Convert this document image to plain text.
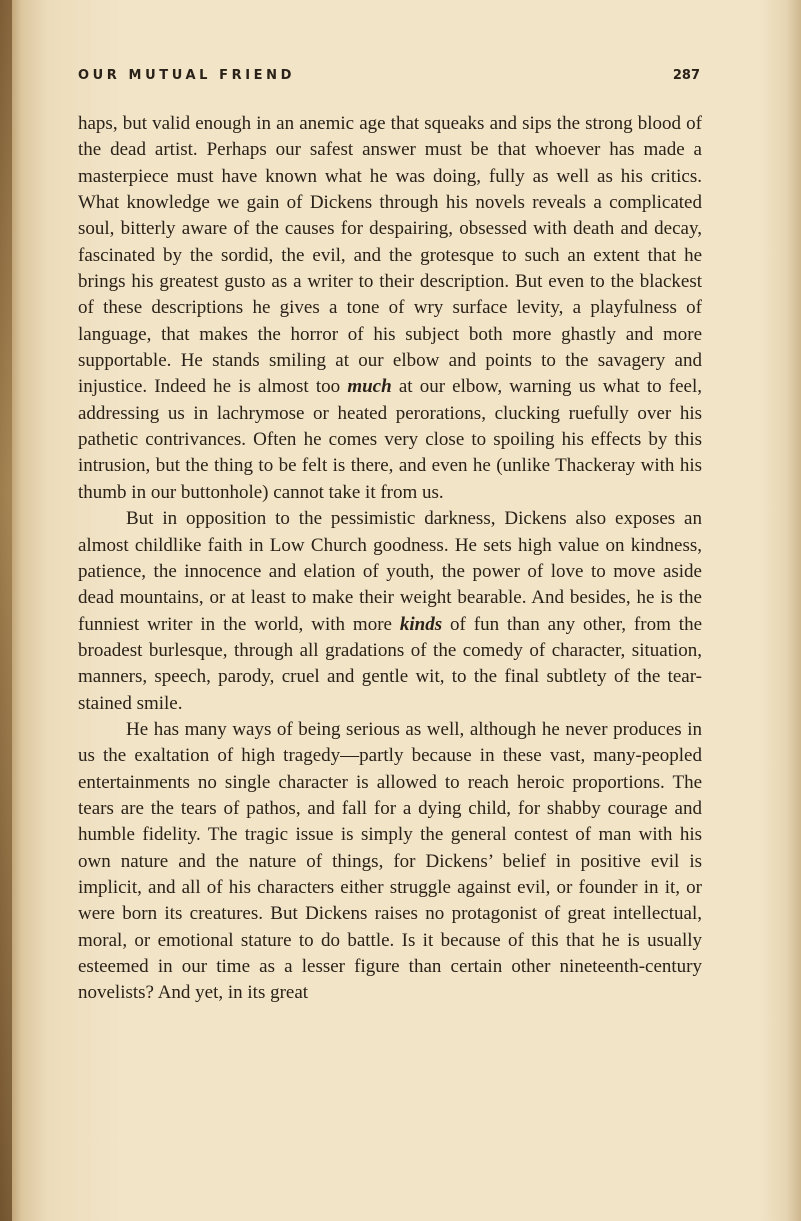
OUR MUTUAL FRIEND	287

haps, but valid enough in an anemic age that squeaks and sips the strong blood of the dead artist. Perhaps our safest answer must be that whoever has made a masterpiece must have known what he was doing, fully as well as his critics. What knowledge we gain of Dickens through his novels reveals a complicated soul, bitterly aware of the causes for despairing, obsessed with death and decay, fascinated by the sordid, the evil, and the grotesque to such an extent that he brings his greatest gusto as a writer to their description. But even to the blackest of these descriptions he gives a tone of wry surface levity, a playfulness of language, that makes the horror of his subject both more ghastly and more supportable. He stands smiling at our elbow and points to the savagery and injustice. Indeed he is almost too much at our elbow, warning us what to feel, addressing us in lachrymose or heated perorations, clucking ruefully over his pathetic contrivances. Often he comes very close to spoiling his effects by this intrusion, but the thing to be felt is there, and even he (unlike Thackeray with his thumb in our buttonhole) cannot take it from us.

But in opposition to the pessimistic darkness, Dickens also exposes an almost childlike faith in Low Church goodness. He sets high value on kindness, patience, the innocence and elation of youth, the power of love to move aside dead mountains, or at least to make their weight bearable. And besides, he is the funniest writer in the world, with more kinds of fun than any other, from the broadest burlesque, through all gradations of the comedy of character, situation, manners, speech, parody, cruel and gentle wit, to the final subtlety of the tear-stained smile.

He has many ways of being serious as well, although he never produces in us the exaltation of high tragedy—partly because in these vast, many-peopled entertainments no single character is allowed to reach heroic proportions. The tears are the tears of pathos, and fall for a dying child, for shabby courage and humble fidelity. The tragic issue is simply the general contest of man with his own nature and the nature of things, for Dickens’ belief in positive evil is implicit, and all of his characters either struggle against evil, or founder in it, or were born its creatures. But Dickens raises no protagonist of great intellectual, moral, or emotional stature to do battle. Is it because of this that he is usually esteemed in our time as a lesser figure than certain other nineteenth-century novelists? And yet, in its great
